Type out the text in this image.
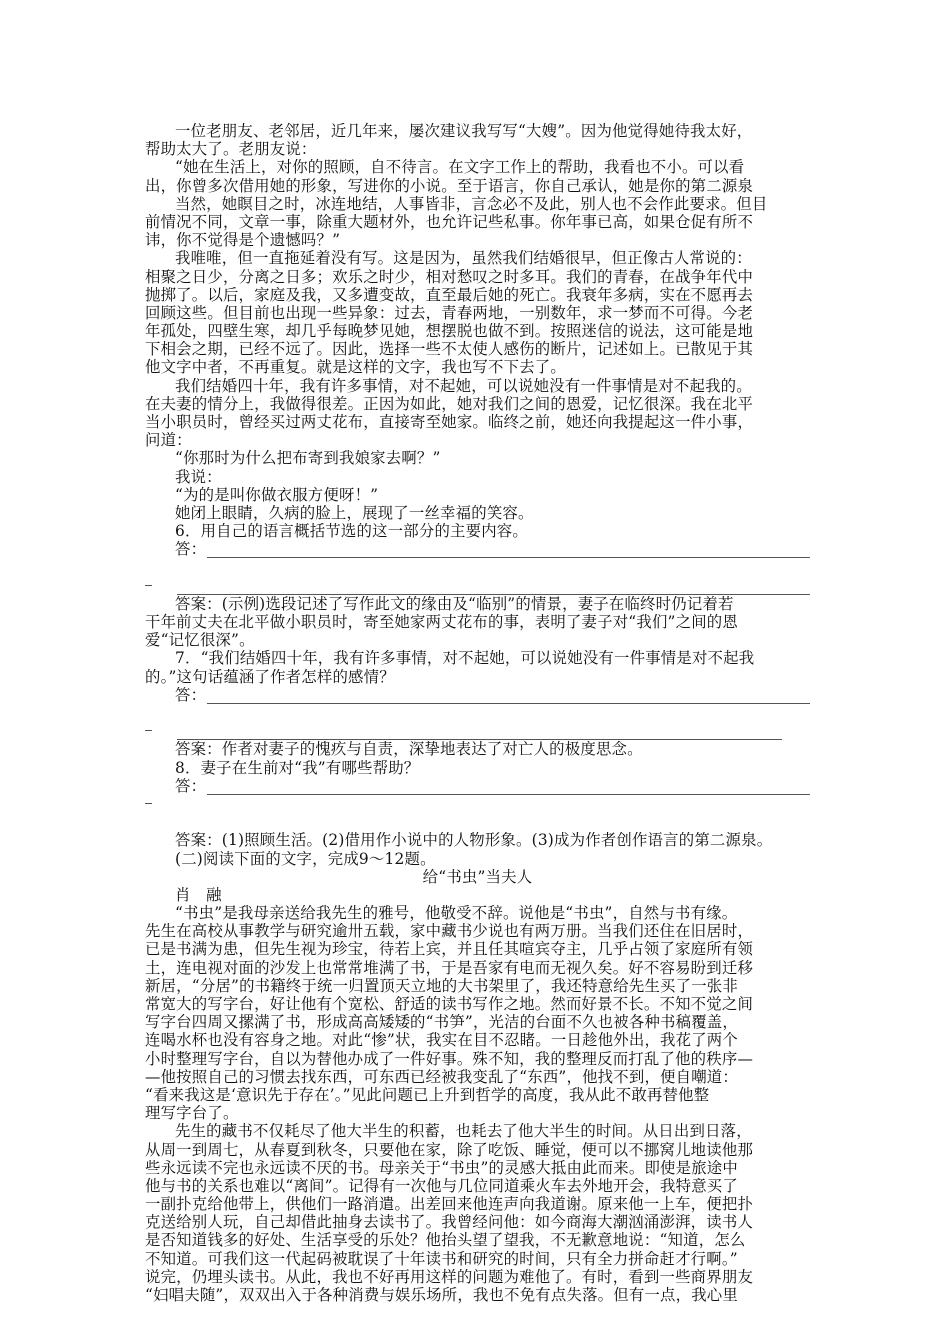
一位老朋友、老邻居，近几年来，屡次建议我写写“大嫂”。因为他觉得她待我太好，
帮助太大了。老朋友说：
“她在生活上，对你的照顾，自不待言。在文字工作上的帮助，我看也不小。可以看
出，你曾多次借用她的形象，写进你的小说。至于语言，你自己承认，她是你的第二源泉
当然，她瞑目之时，冰连地结，人事皆非，言念必不及此，别人也不会作此要求。但目
前情况不同，文章一事，除重大题材外，也允许记些私事。你年事已高，如果仓促有所不
讳，你不觉得是个遗憾吗？”
我唯唯，但一直拖延着没有写。这是因为，虽然我们结婚很早，但正像古人常说的：
相聚之日少，分离之日多；欢乐之时少，相对愁叹之时多耳。我们的青春，在战争年代中
抛掷了。以后，家庭及我，又多遭变故，直至最后她的死亡。我衰年多病，实在不愿再去
回顾这些。但目前也出现一些异象：过去，青春两地，一别数年，求一梦而不可得。今老
年孤处，四壁生寒，却几乎每晚梦见她，想摆脱也做不到。按照迷信的说法，这可能是地
下相会之期，已经不远了。因此，选择一些不太使人感伤的断片，记述如上。已散见于其
他文字中者，不再重复。就是这样的文字，我也写不下去了。
我们结婚四十年，我有许多事情，对不起她，可以说她没有一件事情是对不起我的。
在夫妻的情分上，我做得很差。正因为如此，她对我们之间的恩爱，记忆很深。我在北平
当小职员时，曾经买过两丈花布，直接寄至她家。临终之前，她还向我提起这一件小事，
问道：
“你那时为什么把布寄到我娘家去啊？”
我说：
“为的是叫你做衣服方便呀！”
她闭上眼睛，久病的脸上，展现了一丝幸福的笑容。
6．用自己的语言概括节选的这一部分的主要内容。
答：
答案：(示例)选段记述了写作此文的缘由及“临别”的情景，妻子在临终时仍记着若
干年前丈夫在北平做小职员时，寄至她家两丈花布的事，表明了妻子对“我们”之间的恩
爱“记忆很深”。
7．“我们结婚四十年，我有许多事情，对不起她，可以说她没有一件事情是对不起我
的。”这句话蕴涵了作者怎样的感情？
答：
答案：作者对妻子的愧疚与自责，深挚地表达了对亡人的极度思念。
8．妻子在生前对“我”有哪些帮助？
答：
答案：(1)照顾生活。(2)借用作小说中的人物形象。(3)成为作者创作语言的第二源泉。
(二)阅读下面的文字，完成9～12题。
给“书虫”当夫人
肖　融
“书虫”是我母亲送给我先生的雅号，他敬受不辞。说他是“书虫”，自然与书有缘。
先生在高校从事教学与研究逾卅五载，家中藏书少说也有两万册。当我们还住在旧居时，
已是书满为患，但先生视为珍宝，待若上宾，并且任其喧宾夺主，几乎占领了家庭所有领
土，连电视对面的沙发上也常常堆满了书，于是吾家有电而无视久矣。好不容易盼到迁移
新居，“分居”的书籍终于统一归置顶天立地的大书架里了，我还特意给先生买了一张非
常宽大的写字台，好让他有个宽松、舒适的读书写作之地。然而好景不长。不知不觉之间
写字台四周又摞满了书，形成高高矮矮的“书笋”，光洁的台面不久也被各种书稿覆盖，
连喝水杯也没有容身之地。对此“惨”状，我实在目不忍睹。一日趁他外出，我花了两个
小时整理写字台，自以为替他办成了一件好事。殊不知，我的整理反而打乱了他的秩序—
—他按照自己的习惯去找东西，可东西已经被我变乱了“东西”，他找不到，便自嘲道：
“看来我这是‘意识先于存在’。”见此问题已上升到哲学的高度，我从此不敢再替他整
理写字台了。
先生的藏书不仅耗尽了他大半生的积蓄，也耗去了他大半生的时间。从日出到日落，
从周一到周七，从春夏到秋冬，只要他在家，除了吃饭、睡觉，便可以不挪窝儿地读他那
些永远读不完也永远读不厌的书。母亲关于“书虫”的灵感大抵由此而来。即使是旅途中
他与书的关系也难以“离间”。记得有一次他与几位同道乘火车去外地开会，我特意买了
一副扑克给他带上，供他们一路消遣。出差回来他连声向我道谢。原来他一上车，便把扑
克送给别人玩，自己却借此抽身去读书了。我曾经问他：如今商海大潮汹涌澎湃，读书人
是否知道钱多的好处、生活享受的乐处？他抬头望了望我，不无歉意地说：“知道，怎么
不知道。可我们这一代起码被耽误了十年读书和研究的时间，只有全力拼命赶才行啊。”
说完，仍埋头读书。从此，我也不好再用这样的问题为难他了。有时，看到一些商界朋友
“妇唱夫随”，双双出入于各种消费与娱乐场所，我也不免有点失落。但有一点，我心里
